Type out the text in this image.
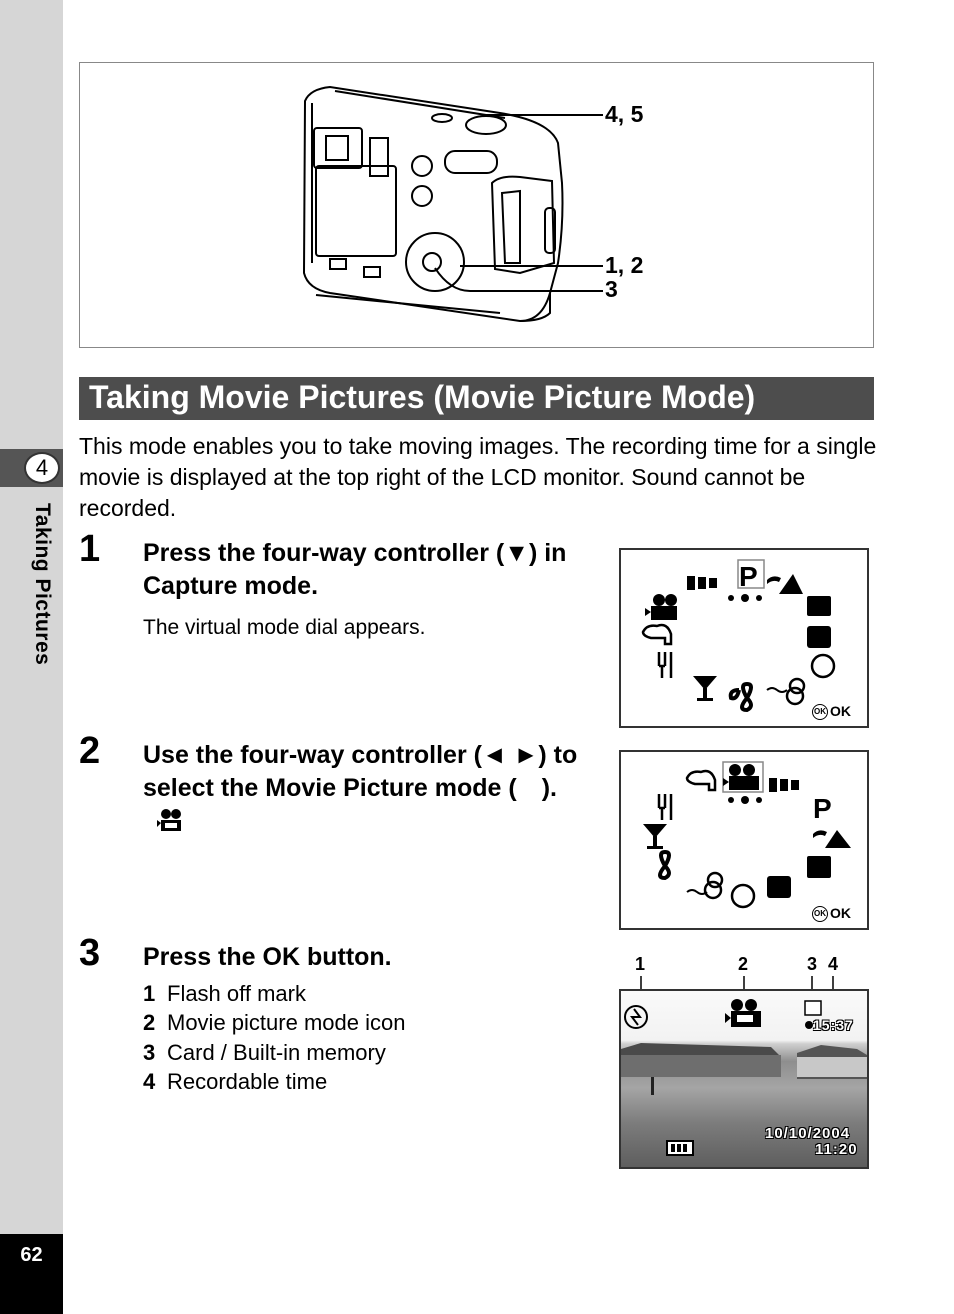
4
Taking Pictures
62
4, 5
1, 2
3
Taking Movie Pictures (Movie Picture Mode)

This mode enables you to take moving images. The recording time for a single movie is displayed at the top right of the LCD monitor. Sound cannot be recorded.

1 Press the four-way controller (▼) in Capture mode.
The virtual mode dial appears.
P
OK OK
2 Use the four-way controller (◄ ►) to select the Movie Picture mode ( ).
P
OK OK
3 Press the OK button.
1 Flash off mark
2 Movie picture mode icon
3 Card / Built-in memory
4 Recordable time
1	2	3 4
15:37
10/10/2004
11:20
